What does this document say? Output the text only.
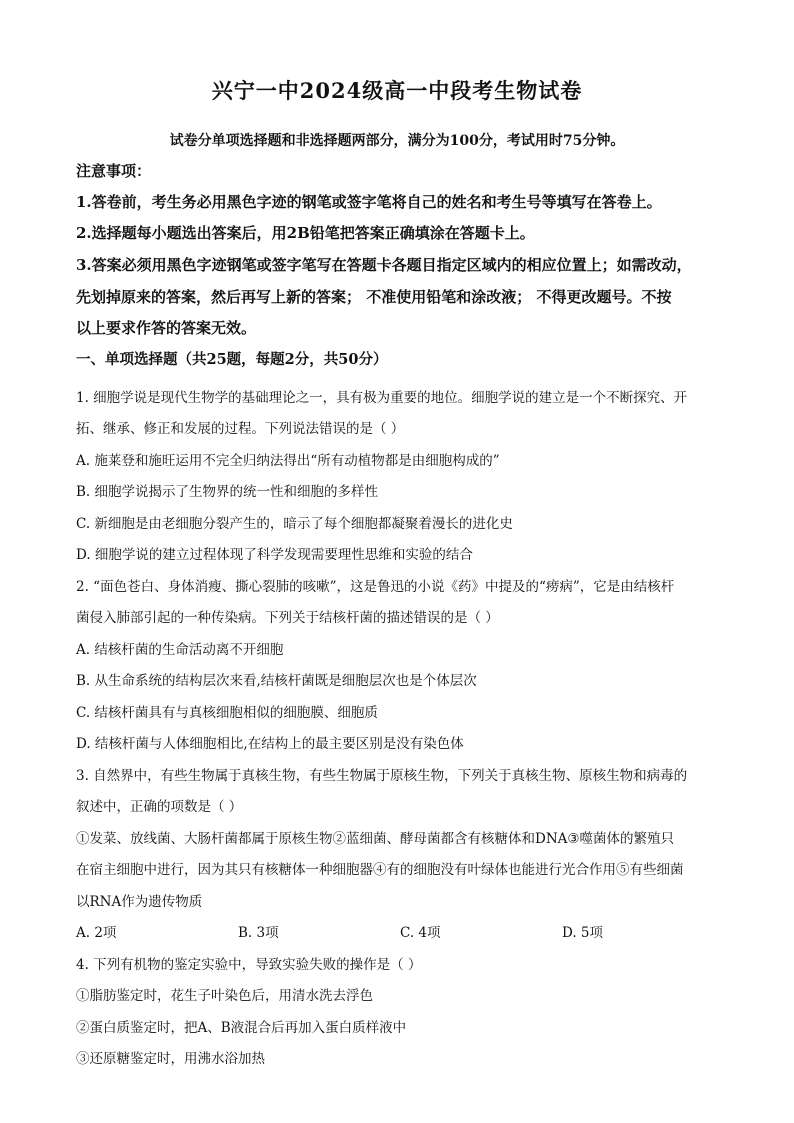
兴宁一中2024级高一中段考生物试卷
试卷分单项选择题和非选择题两部分，满分为100分，考试用时75分钟。
注意事项：
1.答卷前，考生务必用黑色字迹的钢笔或签字笔将自己的姓名和考生号等填写在答卷上。
2.选择题每小题选出答案后，用2B铅笔把答案正确填涂在答题卡上。
3.答案必须用黑色字迹钢笔或签字笔写在答题卡各题目指定区域内的相应位置上；如需改动，
先划掉原来的答案，然后再写上新的答案； 不准使用铅笔和涂改液； 不得更改题号。不按
以上要求作答的答案无效。
一、单项选择题（共25题，每题2分，共50分）
1. 细胞学说是现代生物学的基础理论之一，具有极为重要的地位。细胞学说的建立是一个不断探究、开
拓、继承、修正和发展的过程。下列说法错误的是（ ）
A. 施莱登和施旺运用不完全归纳法得出“所有动植物都是由细胞构成的”
B. 细胞学说揭示了生物界的统一性和细胞的多样性
C. 新细胞是由老细胞分裂产生的，暗示了每个细胞都凝聚着漫长的进化史
D. 细胞学说的建立过程体现了科学发现需要理性思维和实验的结合
2. “面色苍白、身体消瘦、撕心裂肺的咳嗽”，这是鲁迅的小说《药》中提及的“痨病”，它是由结核杆
菌侵入肺部引起的一种传染病。下列关于结核杆菌的描述错误的是（ ）
A. 结核杆菌的生命活动离不开细胞
B. 从生命系统的结构层次来看,结核杆菌既是细胞层次也是个体层次
C. 结核杆菌具有与真核细胞相似的细胞膜、细胞质
D. 结核杆菌与人体细胞相比,在结构上的最主要区别是没有染色体
3. 自然界中，有些生物属于真核生物，有些生物属于原核生物，下列关于真核生物、原核生物和病毒的
叙述中，正确的项数是（ ）
①发菜、放线菌、大肠杆菌都属于原核生物②蓝细菌、酵母菌都含有核糖体和DNA③噬菌体的繁殖只
在宿主细胞中进行，因为其只有核糖体一种细胞器④有的细胞没有叶绿体也能进行光合作用⑤有些细菌
以RNA作为遗传物质
A. 2项	B. 3项	C. 4项	D. 5项
4. 下列有机物的鉴定实验中，导致实验失败的操作是（ ）
①脂肪鉴定时，花生子叶染色后，用清水洗去浮色
②蛋白质鉴定时，把A、B液混合后再加入蛋白质样液中
③还原糖鉴定时，用沸水浴加热
